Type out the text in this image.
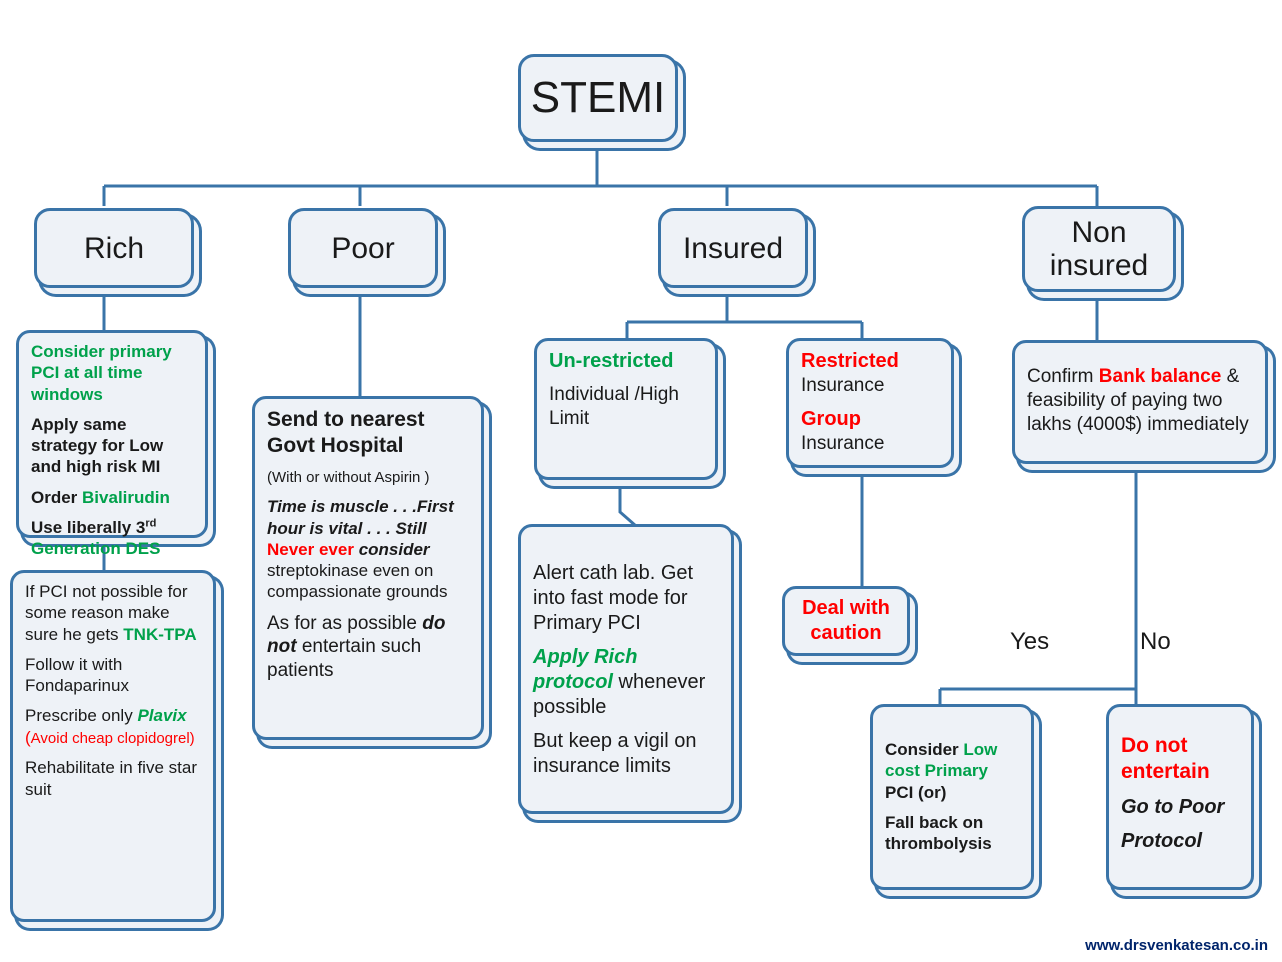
STEMI
Rich	Poor	Insured	Non insured

Consider primary PCI at all time windows

Apply same strategy for Low and high risk MI

Order Bivalirudin

Use liberally 3rd Generation DES

If PCI not possible for some reason make sure he gets TNK-TPA

Follow it with Fondaparinux

Prescribe only Plavix (Avoid cheap clopidogrel)

Rehabilitate in five star suit

Send to nearest Govt Hospital

(With or without Aspirin )

Time is muscle . . .First hour is vital . . . Still Never ever consider streptokinase even on compassionate grounds

As for as possible do not entertain such patients

Un-restricted

Individual /High Limit

Restricted

Insurance

Group

Insurance

Alert cath lab. Get into fast mode for Primary PCI

Apply Rich protocol whenever possible

But keep a vigil on insurance limits

Deal with
caution

Confirm Bank balance & feasibility of paying two lakhs (4000$) immediately

Yes	No

Consider Low cost Primary PCI (or)

Fall back on thrombolysis

Do not entertain

Go to Poor

Protocol

www.drsvenkatesan.co.in
